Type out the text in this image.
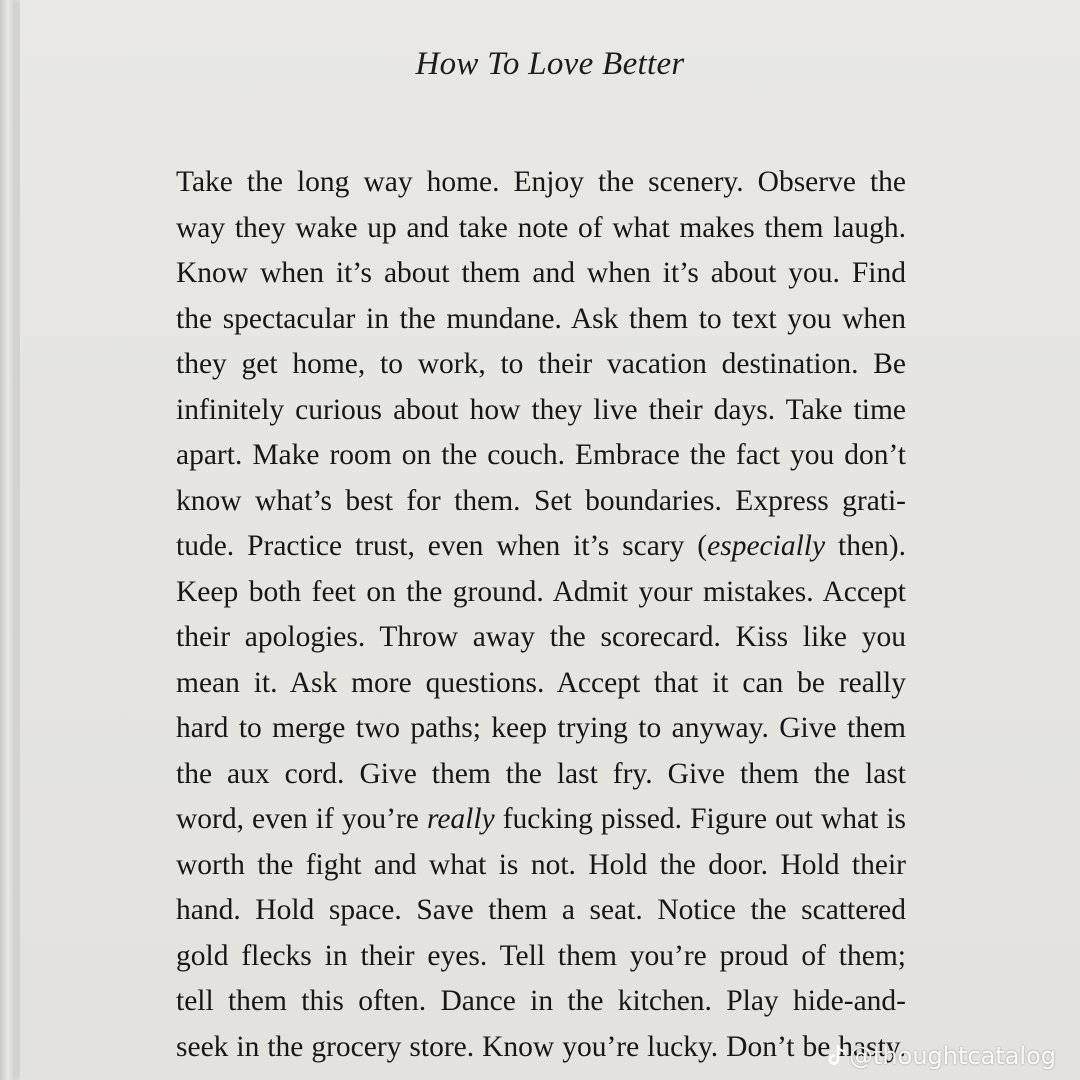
How To Love Better
Take the long way home. Enjoy the scenery. Observe the
way they wake up and take note of what makes them laugh.
Know when it’s about them and when it’s about you. Find
the spectacular in the mundane. Ask them to text you when
they get home, to work, to their vacation destination. Be
infinitely curious about how they live their days. Take time
apart. Make room on the couch. Embrace the fact you don’t
know what’s best for them. Set boundaries. Express grati-
tude. Practice trust, even when it’s scary (especially then).
Keep both feet on the ground. Admit your mistakes. Accept
their apologies. Throw away the scorecard. Kiss like you
mean it. Ask more questions. Accept that it can be really
hard to merge two paths; keep trying to anyway. Give them
the aux cord. Give them the last fry. Give them the last
word, even if you’re really fucking pissed. Figure out what is
worth the fight and what is not. Hold the door. Hold their
hand. Hold space. Save them a seat. Notice the scattered
gold flecks in their eyes. Tell them you’re proud of them;
tell them this often. Dance in the kitchen. Play hide-and-
seek in the grocery store. Know you’re lucky. Don’t be hasty.
@thoughtcatalog
